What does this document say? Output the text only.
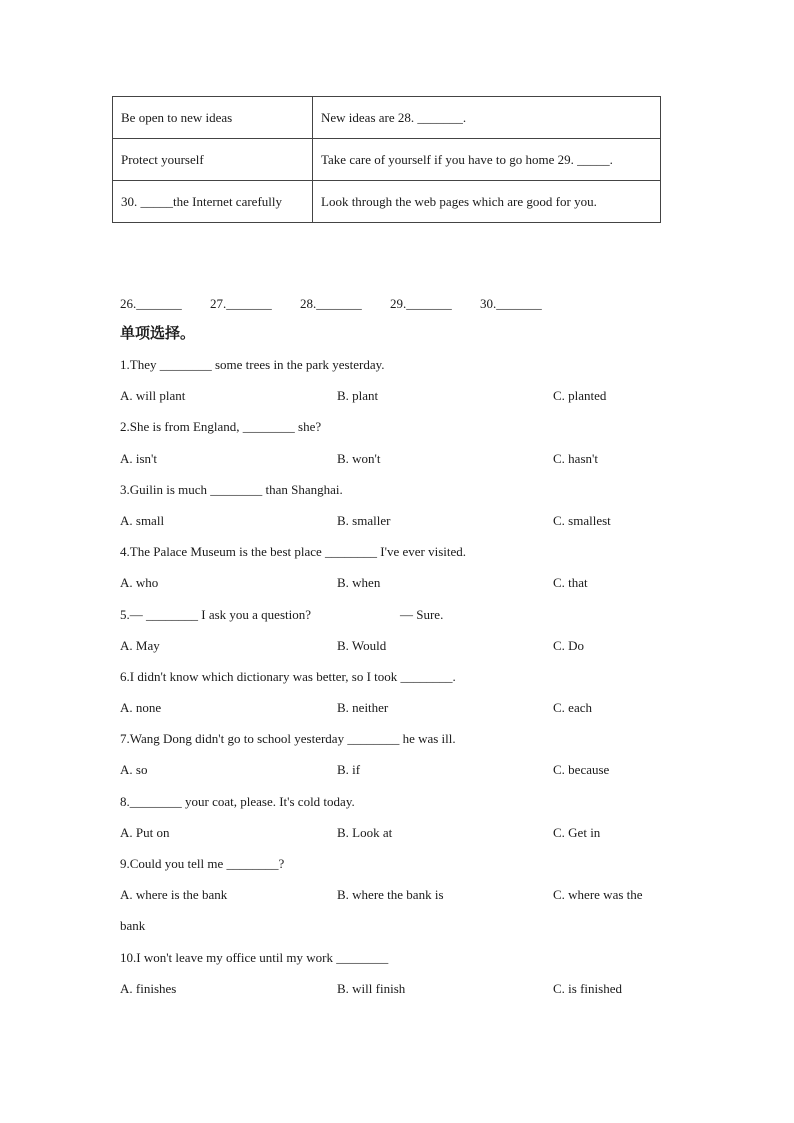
Be open to new ideas	New ideas are 28. _______.
Protect yourself	Take care of yourself if you have to go home 29. _____.
30. _____the Internet carefully	Look through the web pages which are good for you.
26._______	27._______	28._______	29._______	30._______
单项选择。
1.They ________ some trees in the park yesterday.
A. will plant	B. plant	C. planted
2.She is from England, ________ she?
A. isn't	B. won't	C. hasn't
3.Guilin is much ________ than Shanghai.
A. small	B. smaller	C. smallest
4.The Palace Museum is the best place ________ I've ever visited.
A. who	B. when	C. that
5.— ________ I ask you a question?	— Sure.
A. May	B. Would	C. Do
6.I didn't know which dictionary was better, so I took ________.
A. none	B. neither	C. each
7.Wang Dong didn't go to school yesterday ________ he was ill.
A. so	B. if	C. because
8.________ your coat, please. It's cold today.
A. Put on	B. Look at	C. Get in
9.Could you tell me ________?
A. where is the bank	B. where the bank is	C. where was the
bank
10.I won't leave my office until my work ________
A. finishes	B. will finish	C. is finished
